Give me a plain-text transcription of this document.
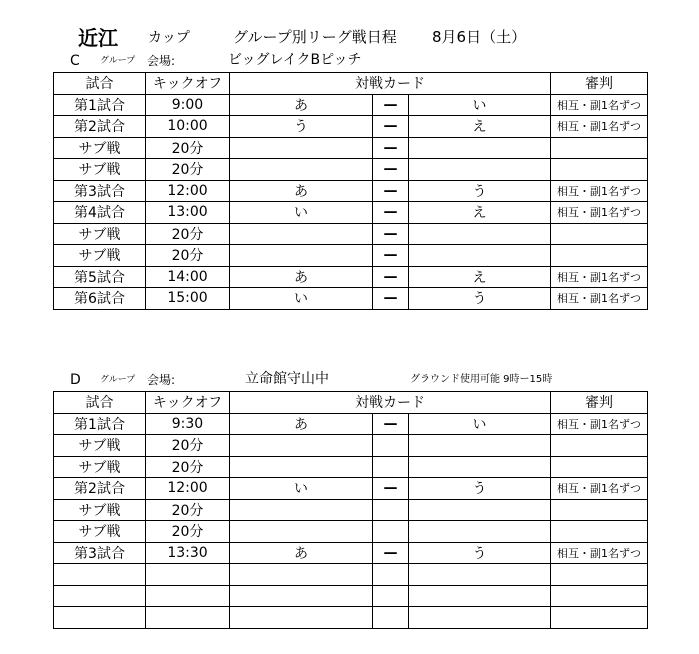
近江 カップ	グループ別リーグ戦日程 8月6日（土）
C グループ 会場:	ビッグレイクBピッチ
試合	キックオフ	対戦カード			審判
第1試合	9:00	あ	—	い	相互・副1名ずつ
第2試合	10:00	う	—	え	相互・副1名ずつ
サブ戦	20分		—		
サブ戦	20分		—		
第3試合	12:00	あ	—	う	相互・副1名ずつ
第4試合	13:00	い	—	え	相互・副1名ずつ
サブ戦	20分		—		
サブ戦	20分		—		
第5試合	14:00	あ	—	え	相互・副1名ずつ
第6試合	15:00	い	—	う	相互・副1名ずつ
D グループ 会場:	立命館守山中	グラウンド使用可能 9時ー15時
試合	キックオフ	対戦カード			審判
第1試合	9:30	あ	—	い	相互・副1名ずつ
サブ戦	20分				
サブ戦	20分				
第2試合	12:00	い	—	う	相互・副1名ずつ
サブ戦	20分				
サブ戦	20分				
第3試合	13:30	あ	—	う	相互・副1名ずつ
